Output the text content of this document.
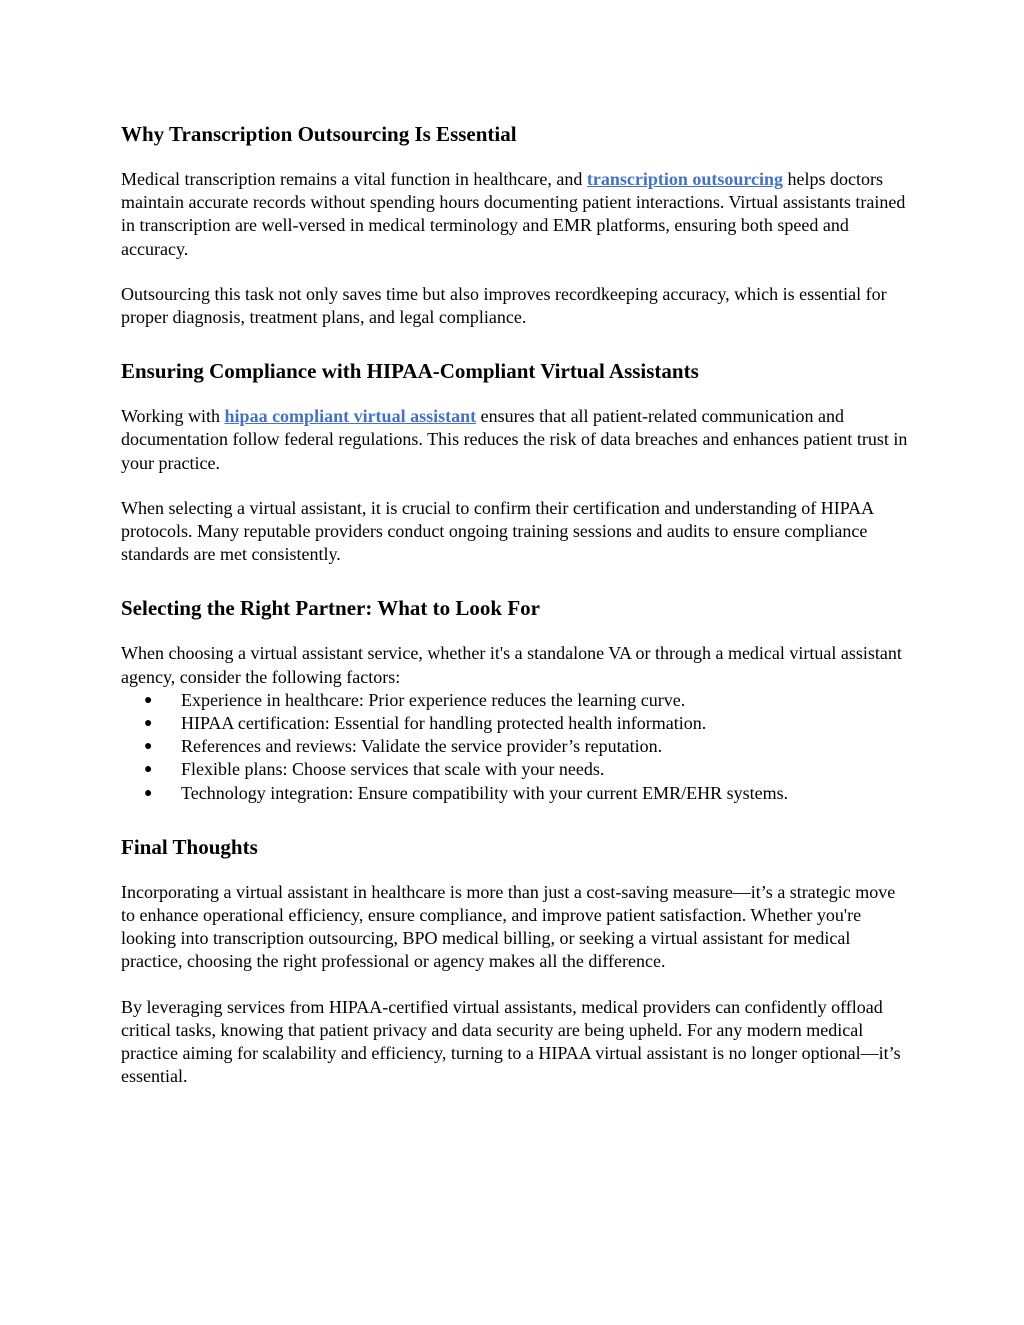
Why Transcription Outsourcing Is Essential

Medical transcription remains a vital function in healthcare, and transcription outsourcing helps doctors maintain accurate records without spending hours documenting patient interactions. Virtual assistants trained in transcription are well-versed in medical terminology and EMR platforms, ensuring both speed and accuracy.

Outsourcing this task not only saves time but also improves recordkeeping accuracy, which is essential for proper diagnosis, treatment plans, and legal compliance.

Ensuring Compliance with HIPAA-Compliant Virtual Assistants

Working with hipaa compliant virtual assistant ensures that all patient-related communication and documentation follow federal regulations. This reduces the risk of data breaches and enhances patient trust in your practice.

When selecting a virtual assistant, it is crucial to confirm their certification and understanding of HIPAA protocols. Many reputable providers conduct ongoing training sessions and audits to ensure compliance standards are met consistently.

Selecting the Right Partner: What to Look For

When choosing a virtual assistant service, whether it's a standalone VA or through a medical virtual assistant agency, consider the following factors:

● Experience in healthcare: Prior experience reduces the learning curve.
● HIPAA certification: Essential for handling protected health information.
● References and reviews: Validate the service provider’s reputation.
● Flexible plans: Choose services that scale with your needs.
● Technology integration: Ensure compatibility with your current EMR/EHR systems.
Final Thoughts

Incorporating a virtual assistant in healthcare is more than just a cost-saving measure—it’s a strategic move to enhance operational efficiency, ensure compliance, and improve patient satisfaction. Whether you're looking into transcription outsourcing, BPO medical billing, or seeking a virtual assistant for medical practice, choosing the right professional or agency makes all the difference.

By leveraging services from HIPAA-certified virtual assistants, medical providers can confidently offload critical tasks, knowing that patient privacy and data security are being upheld. For any modern medical practice aiming for scalability and efficiency, turning to a HIPAA virtual assistant is no longer optional—it’s essential.
